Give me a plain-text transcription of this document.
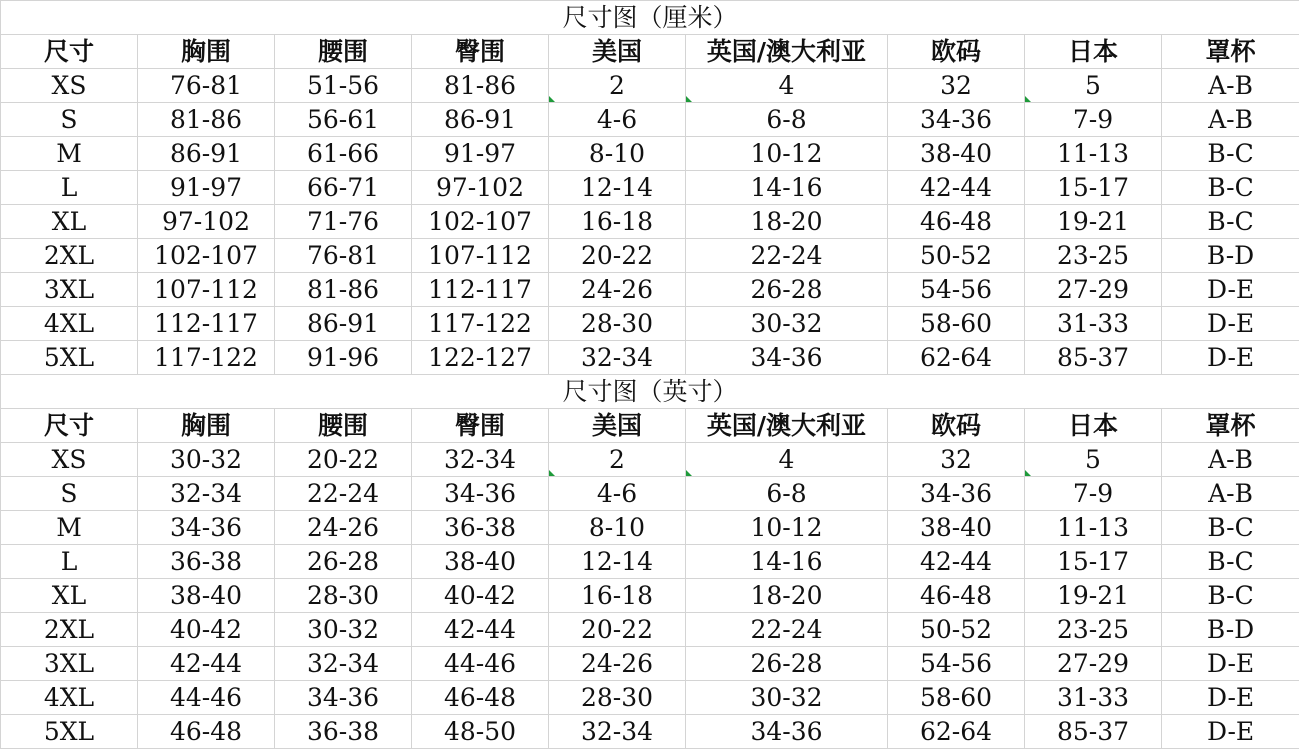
尺寸图（厘米）								
尺寸	胸围	腰围	臀围	美国	英国/澳大利亚	欧码	日本	罩杯
XS	76-81	51-56	81-86	2	4	32	5	A-B
S	81-86	56-61	86-91	4-6	6-8	34-36	7-9	A-B
M	86-91	61-66	91-97	8-10	10-12	38-40	11-13	B-C
L	91-97	66-71	97-102	12-14	14-16	42-44	15-17	B-C
XL	97-102	71-76	102-107	16-18	18-20	46-48	19-21	B-C
2XL	102-107	76-81	107-112	20-22	22-24	50-52	23-25	B-D
3XL	107-112	81-86	112-117	24-26	26-28	54-56	27-29	D-E
4XL	112-117	86-91	117-122	28-30	30-32	58-60	31-33	D-E
5XL	117-122	91-96	122-127	32-34	34-36	62-64	85-37	D-E
尺寸图（英寸）								
尺寸	胸围	腰围	臀围	美国	英国/澳大利亚	欧码	日本	罩杯
XS	30-32	20-22	32-34	2	4	32	5	A-B
S	32-34	22-24	34-36	4-6	6-8	34-36	7-9	A-B
M	34-36	24-26	36-38	8-10	10-12	38-40	11-13	B-C
L	36-38	26-28	38-40	12-14	14-16	42-44	15-17	B-C
XL	38-40	28-30	40-42	16-18	18-20	46-48	19-21	B-C
2XL	40-42	30-32	42-44	20-22	22-24	50-52	23-25	B-D
3XL	42-44	32-34	44-46	24-26	26-28	54-56	27-29	D-E
4XL	44-46	34-36	46-48	28-30	30-32	58-60	31-33	D-E
5XL	46-48	36-38	48-50	32-34	34-36	62-64	85-37	D-E
